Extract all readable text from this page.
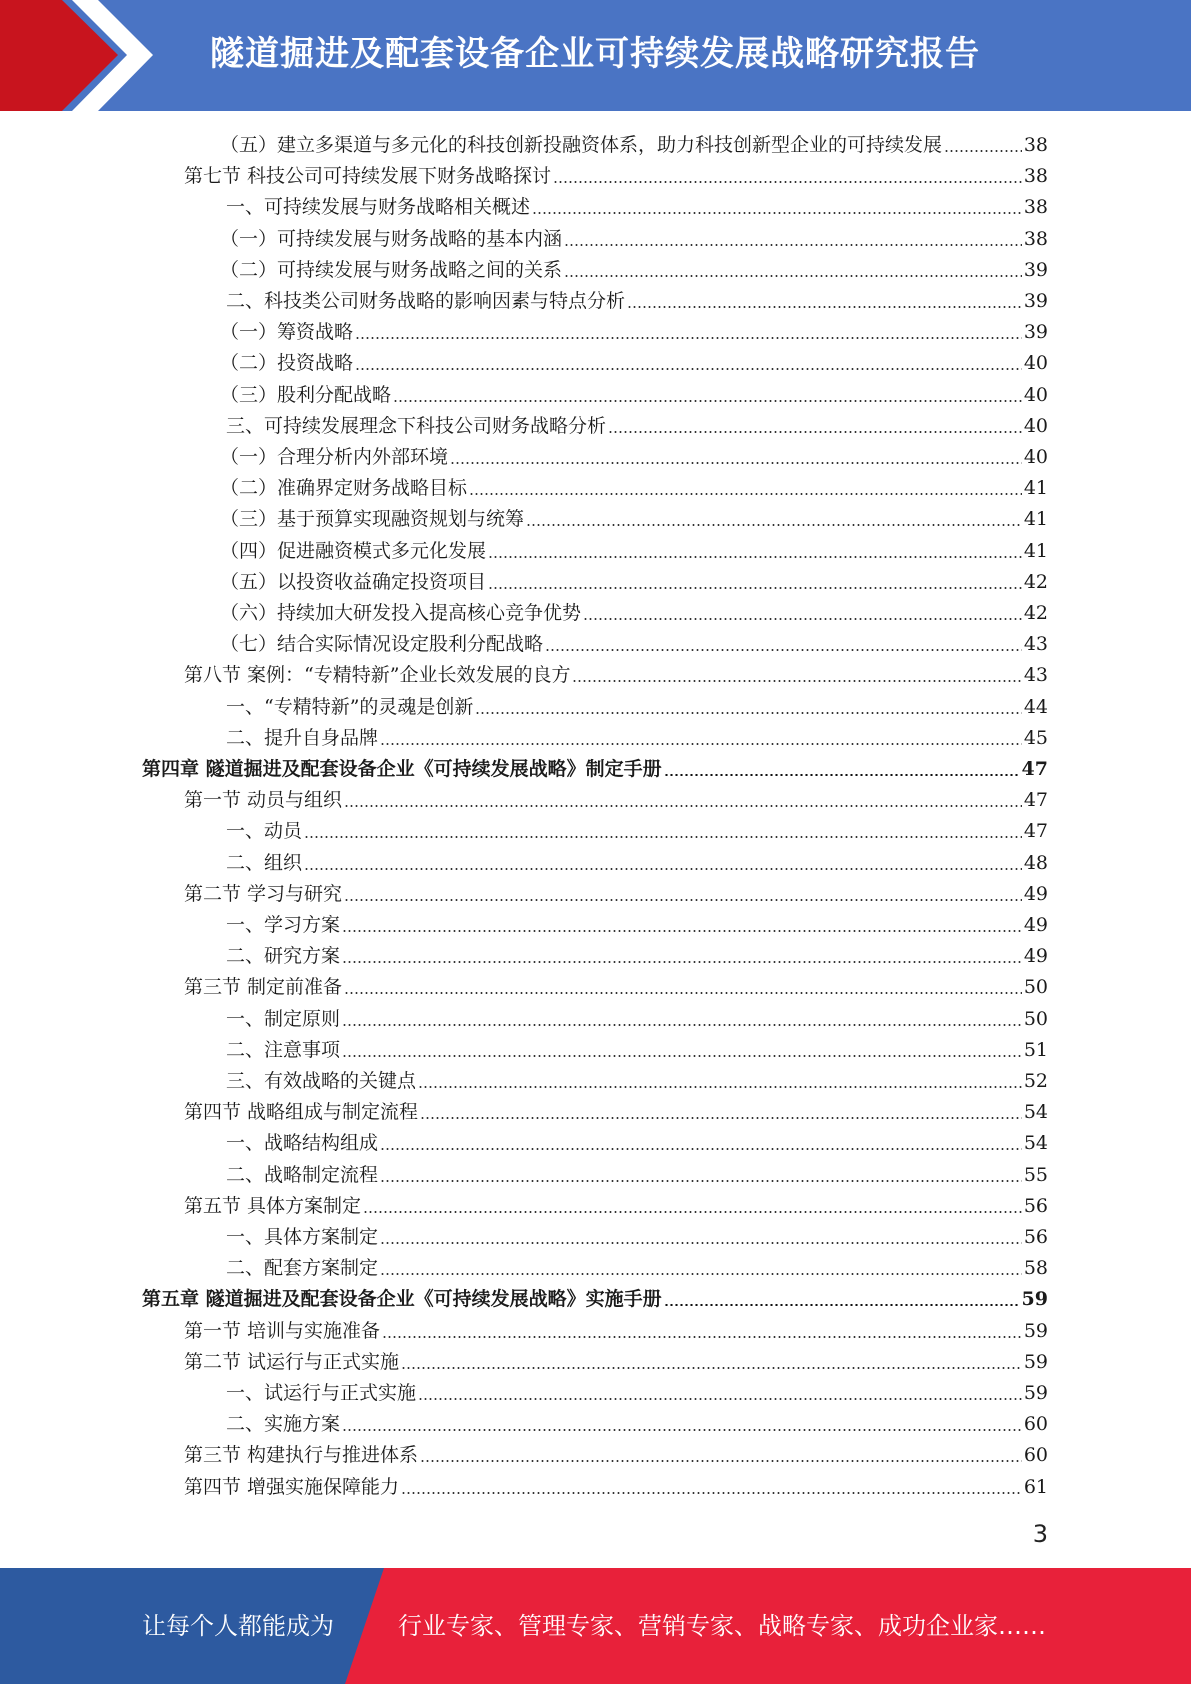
隧道掘进及配套设备企业可持续发展战略研究报告
（五）建立多渠道与多元化的科技创新投融资体系，助力科技创新型企业的可持续发展	38
第七节 科技公司可持续发展下财务战略探讨	38
一、可持续发展与财务战略相关概述	38
（一）可持续发展与财务战略的基本内涵	38
（二）可持续发展与财务战略之间的关系	39
二、科技类公司财务战略的影响因素与特点分析	39
（一）筹资战略	39
（二）投资战略	40
（三）股利分配战略	40
三、可持续发展理念下科技公司财务战略分析	40
（一）合理分析内外部环境	40
（二）准确界定财务战略目标	41
（三）基于预算实现融资规划与统筹	41
（四）促进融资模式多元化发展	41
（五）以投资收益确定投资项目	42
（六）持续加大研发投入提高核心竞争优势	42
（七）结合实际情况设定股利分配战略	43
第八节 案例：“专精特新”企业长效发展的良方	43
一、“专精特新”的灵魂是创新	44
二、提升自身品牌	45
第四章 隧道掘进及配套设备企业《可持续发展战略》制定手册	47
第一节 动员与组织	47
一、动员	47
二、组织	48
第二节 学习与研究	49
一、学习方案	49
二、研究方案	49
第三节 制定前准备	50
一、制定原则	50
二、注意事项	51
三、有效战略的关键点	52
第四节 战略组成与制定流程	54
一、战略结构组成	54
二、战略制定流程	55
第五节 具体方案制定	56
一、具体方案制定	56
二、配套方案制定	58
第五章 隧道掘进及配套设备企业《可持续发展战略》实施手册	59
第一节 培训与实施准备	59
第二节 试运行与正式实施	59
一、试运行与正式实施	59
二、实施方案	60
第三节 构建执行与推进体系	60
第四节 增强实施保障能力	61
3
让每个人都能成为	行业专家、管理专家、营销专家、战略专家、成功企业家……
